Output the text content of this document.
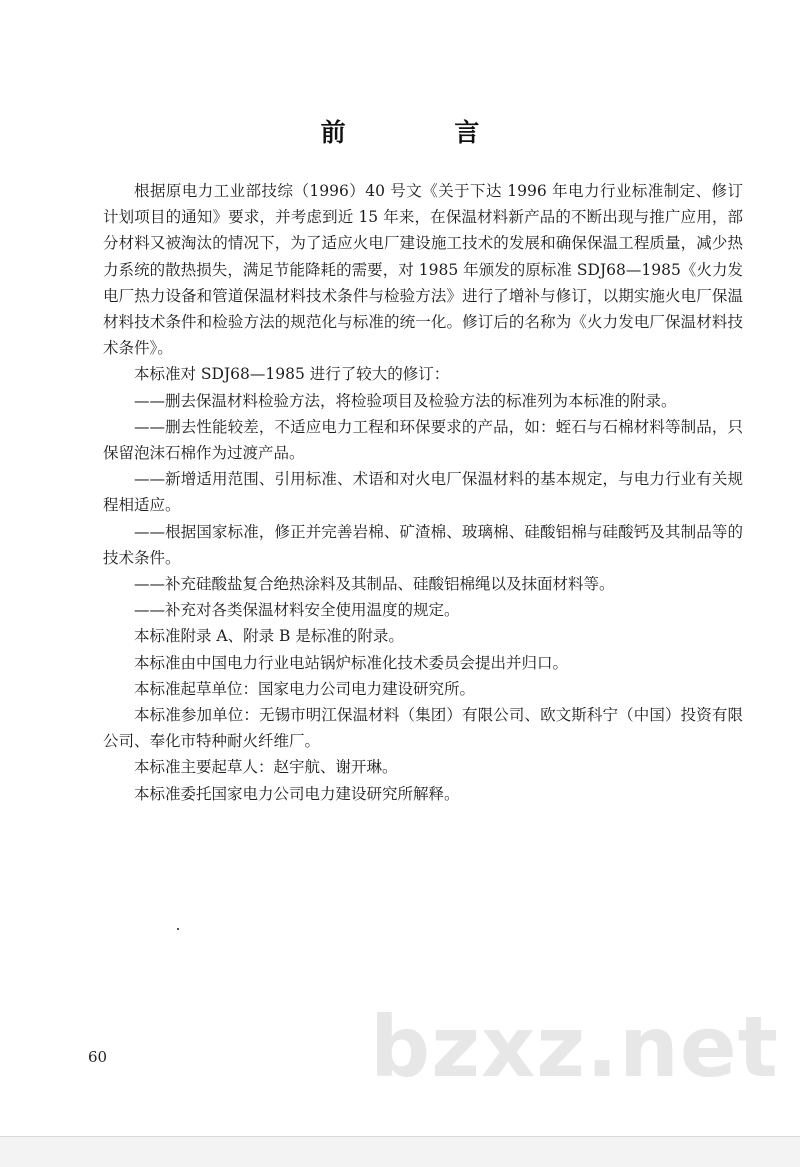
前 言

根据原电力工业部技综（1996）40 号文《关于下达 1996 年电力行业标准制定、修订计划项目的通知》要求，并考虑到近 15 年来，在保温材料新产品的不断出现与推广应用，部分材料又被淘汰的情况下，为了适应火电厂建设施工技术的发展和确保保温工程质量，减少热力系统的散热损失，满足节能降耗的需要，对 1985 年颁发的原标准 SDJ68—1985《火力发电厂热力设备和管道保温材料技术条件与检验方法》进行了增补与修订，以期实施火电厂保温材料技术条件和检验方法的规范化与标准的统一化。修订后的名称为《火力发电厂保温材料技术条件》。

本标准对 SDJ68—1985 进行了较大的修订：

——删去保温材料检验方法，将检验项目及检验方法的标准列为本标准的附录。

——删去性能较差，不适应电力工程和环保要求的产品，如：蛭石与石棉材料等制品，只保留泡沫石棉作为过渡产品。

——新增适用范围、引用标准、术语和对火电厂保温材料的基本规定，与电力行业有关规程相适应。

——根据国家标准，修正并完善岩棉、矿渣棉、玻璃棉、硅酸铝棉与硅酸钙及其制品等的技术条件。

——补充硅酸盐复合绝热涂料及其制品、硅酸铝棉绳以及抹面材料等。

——补充对各类保温材料安全使用温度的规定。

本标准附录 A、附录 B 是标准的附录。

本标准由中国电力行业电站锅炉标准化技术委员会提出并归口。

本标准起草单位：国家电力公司电力建设研究所。

本标准参加单位：无锡市明江保温材料（集团）有限公司、欧文斯科宁（中国）投资有限公司、奉化市特种耐火纤维厂。

本标准主要起草人：赵宇航、谢开琳。

本标准委托国家电力公司电力建设研究所解释。

60	bzxz.net
